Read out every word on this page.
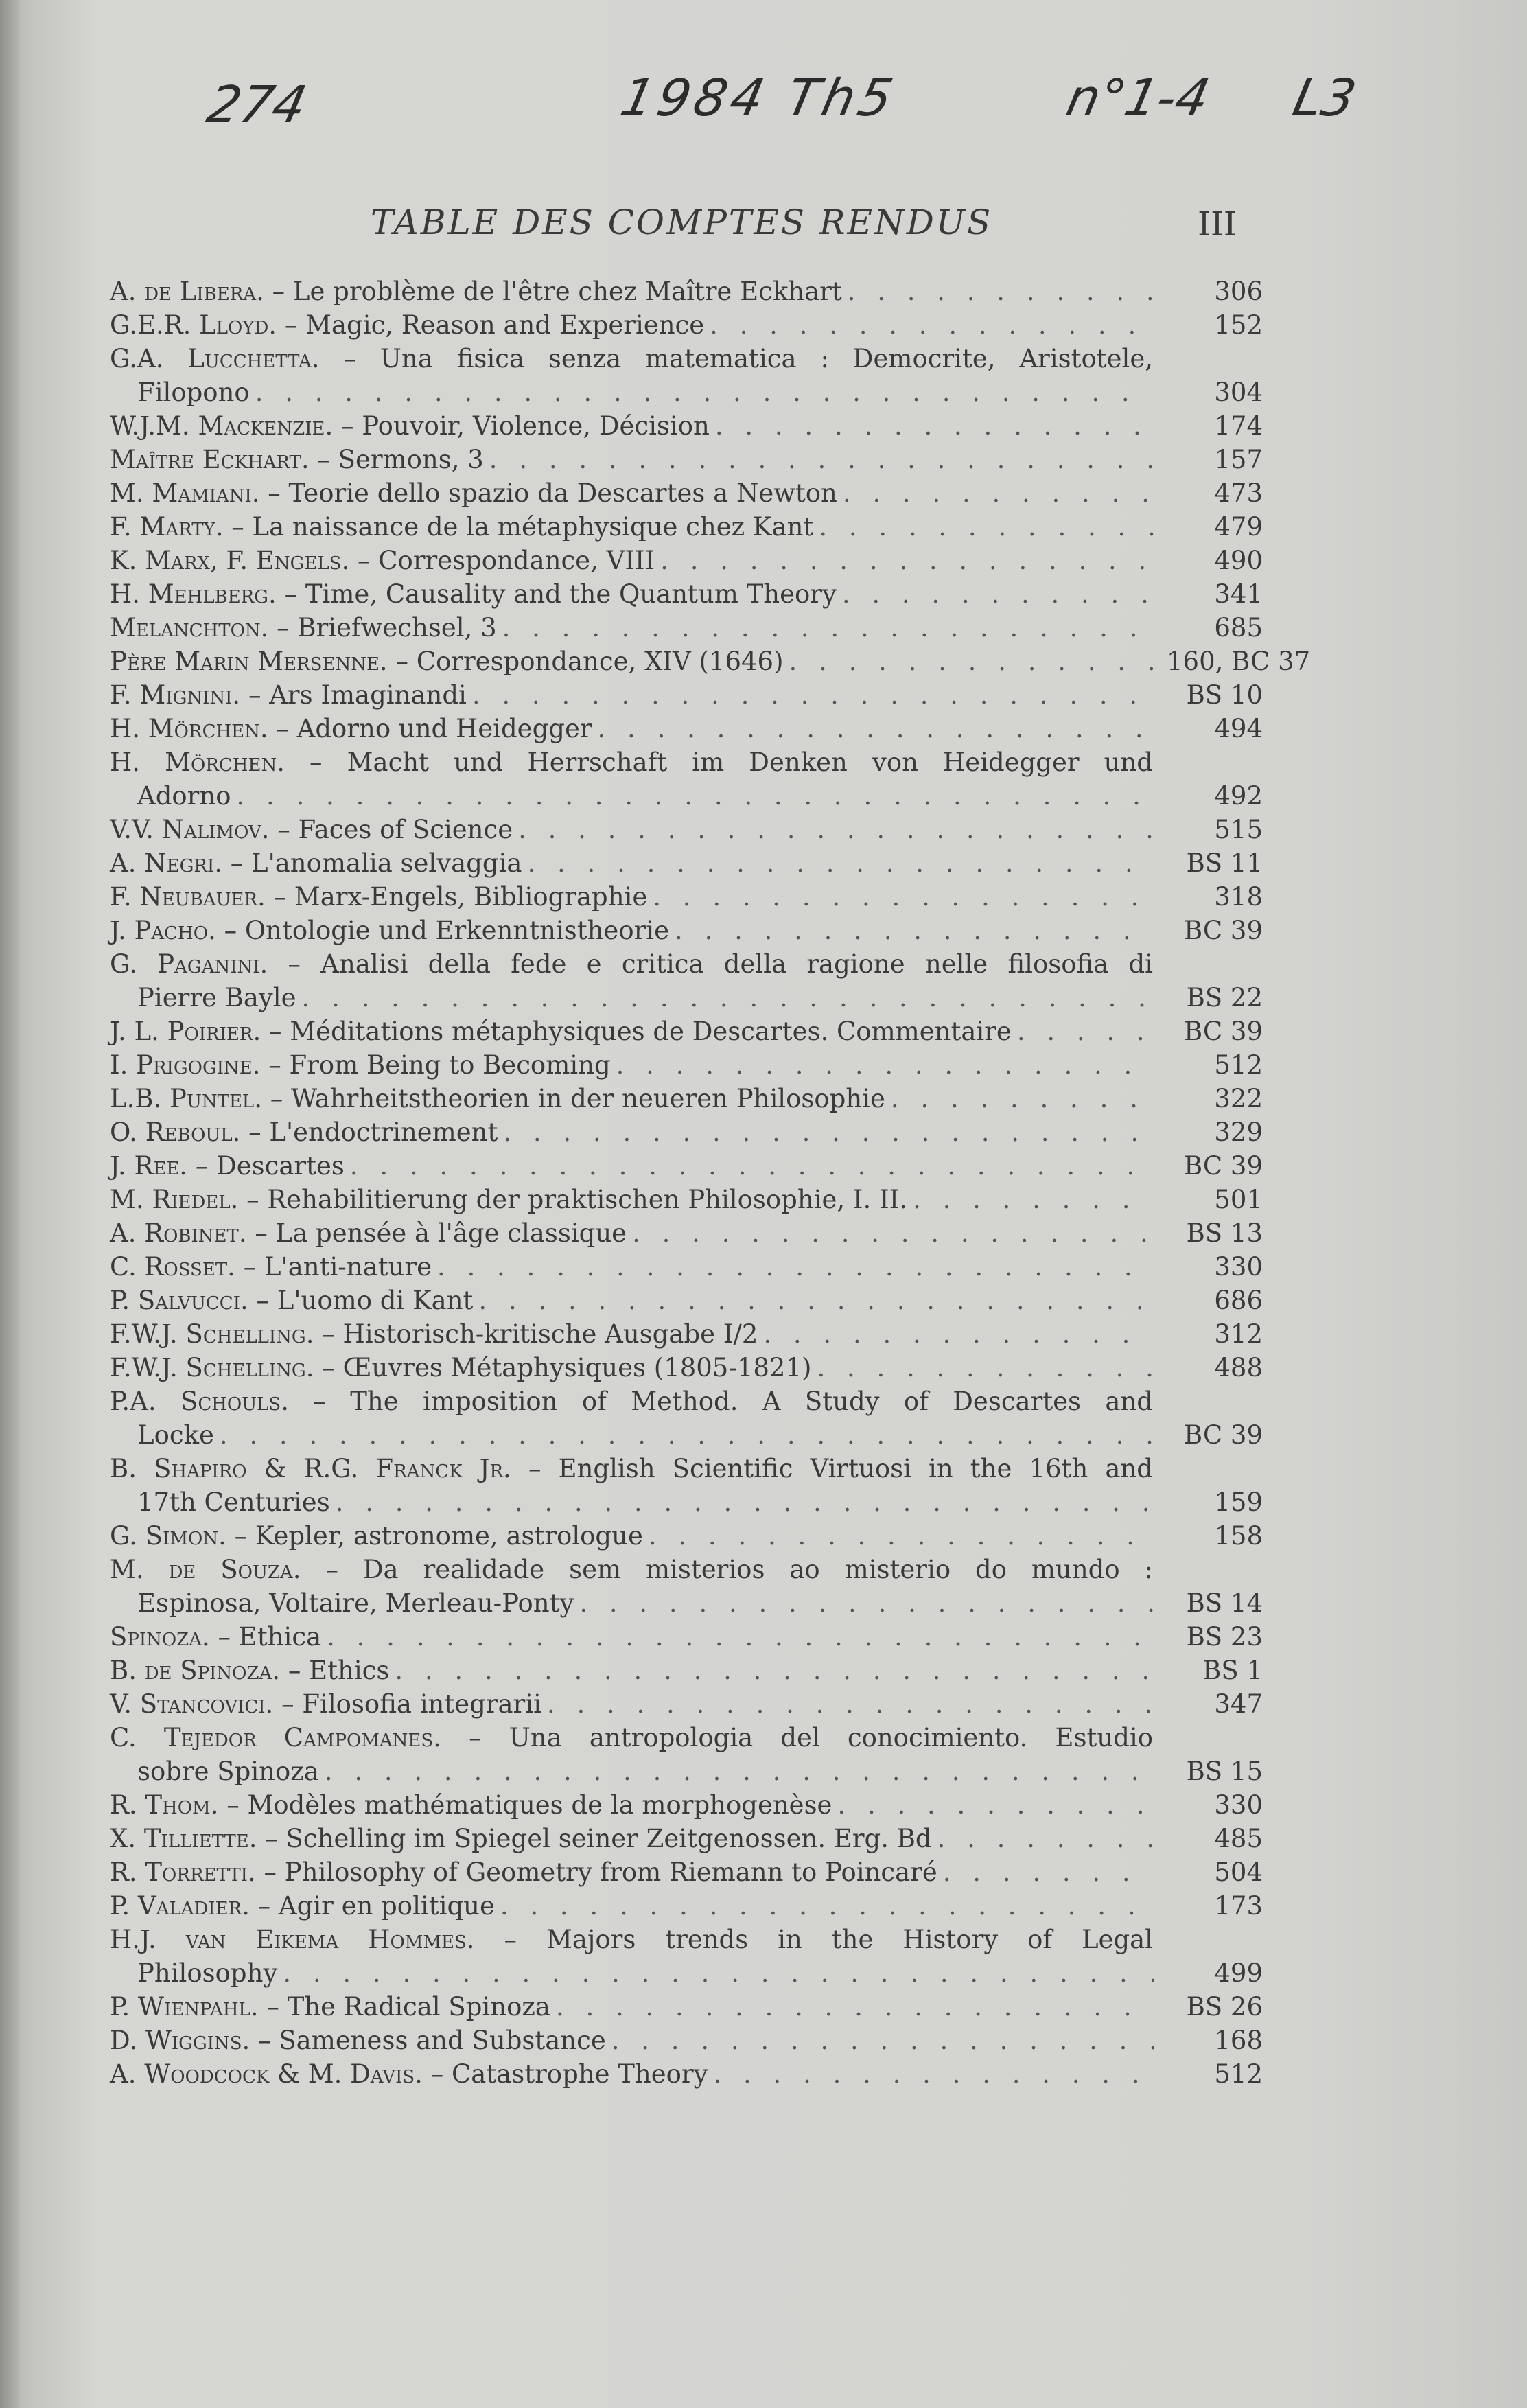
274	1984 Th5	n°1-4 L3
TABLE DES COMPTES RENDUS	III
A. de Libera. – Le problème de l'être chez Maître Eckhart . . .	306
G.E.R. Lloyd. – Magic, Reason and Experience . . .	152
G.A. Lucchetta. – Una fisica senza matematica : Democrite, Aristotele,
Filopono . . .	304
W.J.M. Mackenzie. – Pouvoir, Violence, Décision . . .	174
Maître Eckhart. – Sermons, 3 . . .	157
M. Mamiani. – Teorie dello spazio da Descartes a Newton . . .	473
F. Marty. – La naissance de la métaphysique chez Kant . . .	479
K. Marx, F. Engels. – Correspondance, VIII . . .	490
H. Mehlberg. – Time, Causality and the Quantum Theory . . .	341
Melanchton. – Briefwechsel, 3 . . .	685
Père Marin Mersenne. – Correspondance, XIV (1646) . . .	160, BC 37
F. Mignini. – Ars Imaginandi . . .	BS 10
H. Mörchen. – Adorno und Heidegger . . .	494
H. Mörchen. – Macht und Herrschaft im Denken von Heidegger und
Adorno . . .	492
V.V. Nalimov. – Faces of Science . . .	515
A. Negri. – L'anomalia selvaggia . . .	BS 11
F. Neubauer. – Marx-Engels, Bibliographie . . .	318
J. Pacho. – Ontologie und Erkenntnistheorie . . .	BC 39
G. Paganini. – Analisi della fede e critica della ragione nelle filosofia di
Pierre Bayle . . .	BS 22
J. L. Poirier. – Méditations métaphysiques de Descartes. Commentaire . . .	BC 39
I. Prigogine. – From Being to Becoming . . .	512
L.B. Puntel. – Wahrheitstheorien in der neueren Philosophie . . .	322
O. Reboul. – L'endoctrinement . . .	329
J. Ree. – Descartes . . .	BC 39
M. Riedel. – Rehabilitierung der praktischen Philosophie, I. II. . . .	501
A. Robinet. – La pensée à l'âge classique . . .	BS 13
C. Rosset. – L'anti-nature . . .	330
P. Salvucci. – L'uomo di Kant . . .	686
F.W.J. Schelling. – Historisch-kritische Ausgabe I/2 . . .	312
F.W.J. Schelling. – Œuvres Métaphysiques (1805-1821) . . .	488
P.A. Schouls. – The imposition of Method. A Study of Descartes and
Locke . . .	BC 39
B. Shapiro & R.G. Franck Jr. – English Scientific Virtuosi in the 16th and
17th Centuries . . .	159
G. Simon. – Kepler, astronome, astrologue . . .	158
M. de Souza. – Da realidade sem misterios ao misterio do mundo :
Espinosa, Voltaire, Merleau-Ponty . . .	BS 14
Spinoza. – Ethica . . .	BS 23
B. de Spinoza. – Ethics . . .	BS 1
V. Stancovici. – Filosofia integrarii . . .	347
C. Tejedor Campomanes. – Una antropologia del conocimiento. Estudio
sobre Spinoza . . .	BS 15
R. Thom. – Modèles mathématiques de la morphogenèse . . .	330
X. Tilliette. – Schelling im Spiegel seiner Zeitgenossen. Erg. Bd . . .	485
R. Torretti. – Philosophy of Geometry from Riemann to Poincaré . . .	504
P. Valadier. – Agir en politique . . .	173
H.J. van Eikema Hommes. – Majors trends in the History of Legal
Philosophy . . .	499
P. Wienpahl. – The Radical Spinoza . . .	BS 26
D. Wiggins. – Sameness and Substance . . .	168
A. Woodcock & M. Davis. – Catastrophe Theory . . .	512
